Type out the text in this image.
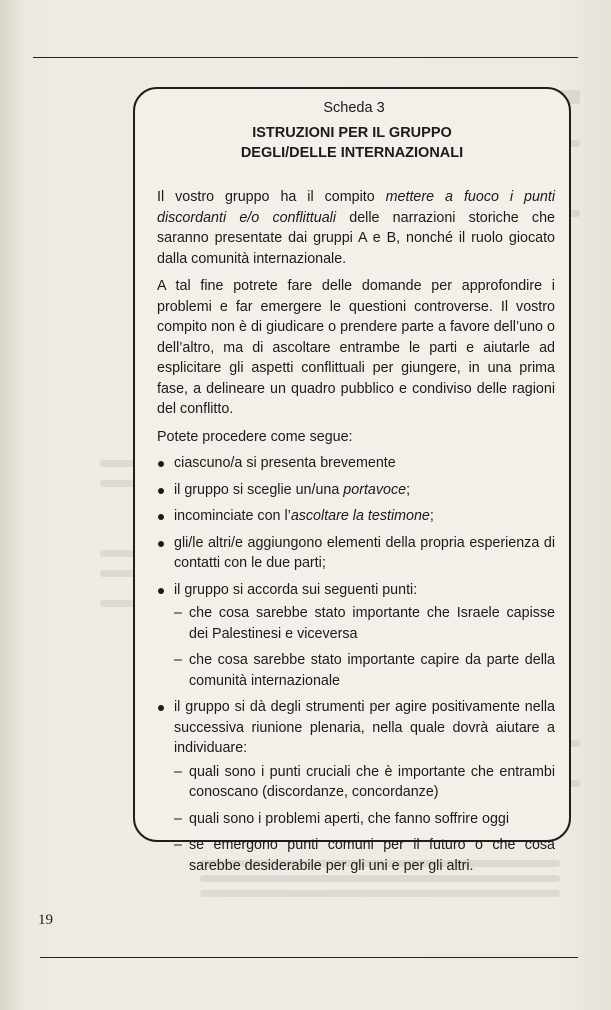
Scheda 3
ISTRUZIONI PER IL GRUPPO
DEGLI/DELLE INTERNAZIONALI

Il vostro gruppo ha il compito mettere a fuoco i punti discordanti e/o conflittuali delle narrazioni storiche che saranno presentate dai gruppi A e B, nonché il ruolo giocato dalla comunità internazionale.

A tal fine potrete fare delle domande per approfondire i problemi e far emergere le questioni controverse. Il vostro compito non è di giudicare o prendere parte a favore dell’uno o dell’altro, ma di ascoltare entrambe le parti e aiutarle ad esplicitare gli aspetti conflittuali per giungere, in una prima fase, a delineare un quadro pubblico e condiviso delle ragioni del conflitto.

Potete procedere come segue:

ciascuno/a si presenta brevemente
il gruppo si sceglie un/una portavoce;
incominciate con l’ascoltare la testimone;
gli/le altri/e aggiungono elementi della propria esperienza di contatti con le due parti;
il gruppo si accorda sui seguenti punti:
– che cosa sarebbe stato importante che Israele capisse dei Palestinesi e viceversa
– che cosa sarebbe stato importante capire da parte della comunità internazionale
il gruppo si dà degli strumenti per agire positivamente nella successiva riunione plenaria, nella quale dovrà aiutare a individuare:
– quali sono i punti cruciali che è importante che entrambi conoscano (discordanze, concordanze)
– quali sono i problemi aperti, che fanno soffrire oggi
– se emergono punti comuni per il futuro o che cosa sarebbe desiderabile per gli uni e per gli altri.
19
